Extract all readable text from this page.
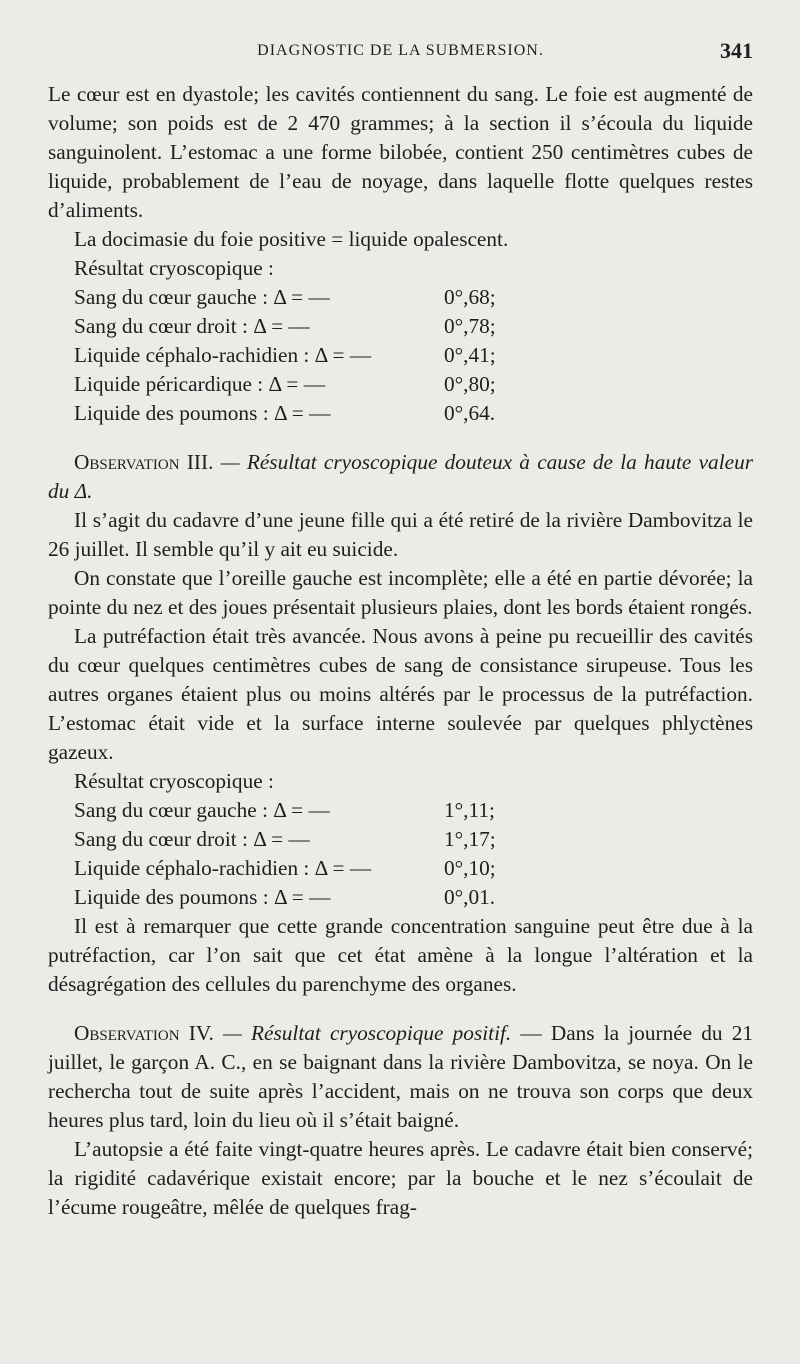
DIAGNOSTIC DE LA SUBMERSION.	341

Le cœur est en dyastole; les cavités contiennent du sang. Le foie est augmenté de volume; son poids est de 2 470 grammes; à la section il s’écoula du liquide sanguinolent. L’estomac a une forme bilobée, contient 250 centimètres cubes de liquide, probablement de l’eau de noyage, dans laquelle flotte quelques restes d’aliments.

La docimasie du foie positive = liquide opalescent.

Résultat cryoscopique :

Sang du cœur gauche : Δ = —	0°,68;
Sang du cœur droit : Δ = —	0°,78;
Liquide céphalo-rachidien : Δ = —	0°,41;
Liquide péricardique : Δ = —	0°,80;
Liquide des poumons : Δ = —	0°,64.

Observation III. — Résultat cryoscopique douteux à cause de la haute valeur du Δ.

Il s’agit du cadavre d’une jeune fille qui a été retiré de la rivière Dambovitza le 26 juillet. Il semble qu’il y ait eu suicide.

On constate que l’oreille gauche est incomplète; elle a été en partie dévorée; la pointe du nez et des joues présentait plusieurs plaies, dont les bords étaient rongés.

La putréfaction était très avancée. Nous avons à peine pu recueillir des cavités du cœur quelques centimètres cubes de sang de consistance sirupeuse. Tous les autres organes étaient plus ou moins altérés par le processus de la putréfaction. L’estomac était vide et la surface interne soulevée par quelques phlyctènes gazeux.

Résultat cryoscopique :

Sang du cœur gauche : Δ = —	1°,11;
Sang du cœur droit : Δ = —	1°,17;
Liquide céphalo-rachidien : Δ = —	0°,10;
Liquide des poumons : Δ = —	0°,01.

Il est à remarquer que cette grande concentration sanguine peut être due à la putréfaction, car l’on sait que cet état amène à la longue l’altération et la désagrégation des cellules du parenchyme des organes.

Observation IV. — Résultat cryoscopique positif. — Dans la journée du 21 juillet, le garçon A. C., en se baignant dans la rivière Dambovitza, se noya. On le rechercha tout de suite après l’accident, mais on ne trouva son corps que deux heures plus tard, loin du lieu où il s’était baigné.

L’autopsie a été faite vingt-quatre heures après. Le cadavre était bien conservé; la rigidité cadavérique existait encore; par la bouche et le nez s’écoulait de l’écume rougeâtre, mêlée de quelques frag-
